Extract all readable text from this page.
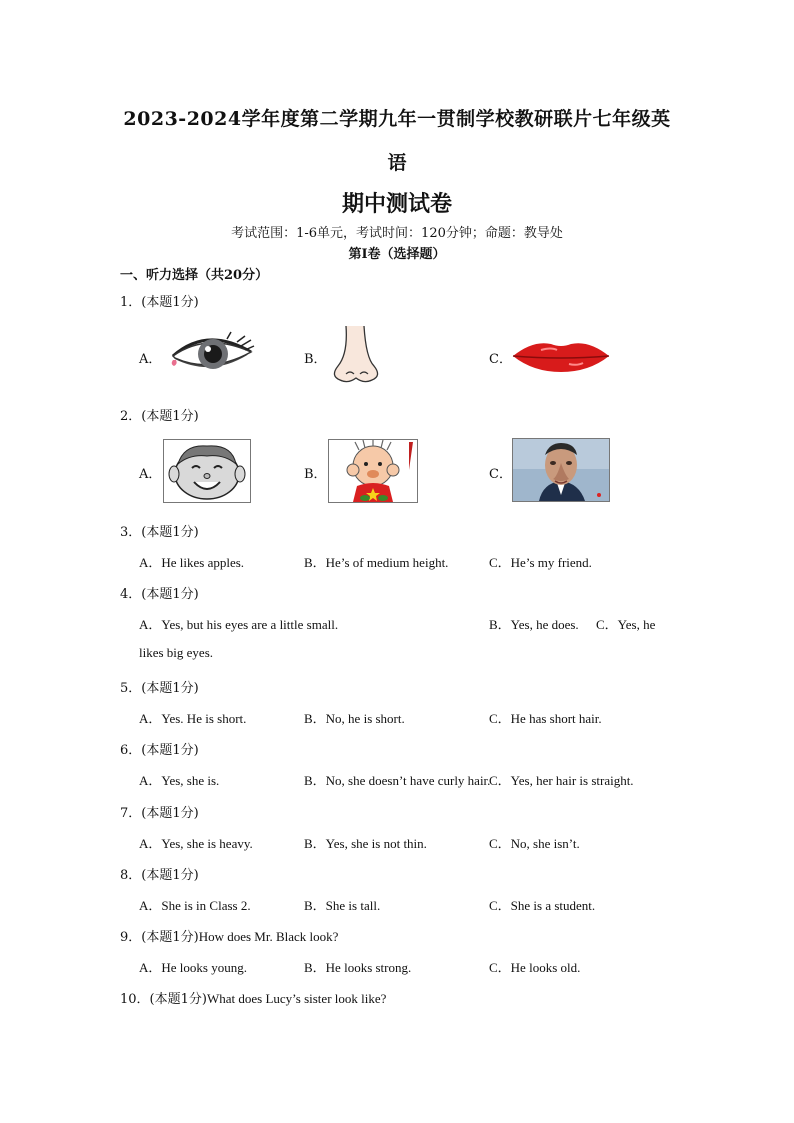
2023-2024学年度第二学期九年一贯制学校教研联片七年级英
语
期中测试卷
考试范围：1-6单元，考试时间：120分钟；命题：教导处
第I卷（选择题）
一、听力选择（共20分）
1．(本题1分)
A．	B．	C．
2．(本题1分)
A．	B．	C．
3．(本题1分)
A．He likes apples.	B．He’s of medium height.	C．He’s my friend.
4．(本题1分)
A．Yes, but his eyes are a little small.	B．Yes, he does. C．Yes, he
likes big eyes.
5．(本题1分)
A．Yes. He is short.	B．No, he is short.	C．He has short hair.
6．(本题1分)
A．Yes, she is.	B．No, she doesn’t have curly hair.
C．Yes, her hair is straight.
7．(本题1分)
A．Yes, she is heavy.	B．Yes, she is not thin.	C．No, she isn’t.
8．(本题1分)
A．She is in Class 2.	B．She is tall.	C．She is a student.
9．(本题1分)How does Mr. Black look?
A．He looks young.	B．He looks strong.	C．He looks old.
10．(本题1分)What does Lucy’s sister look like?
